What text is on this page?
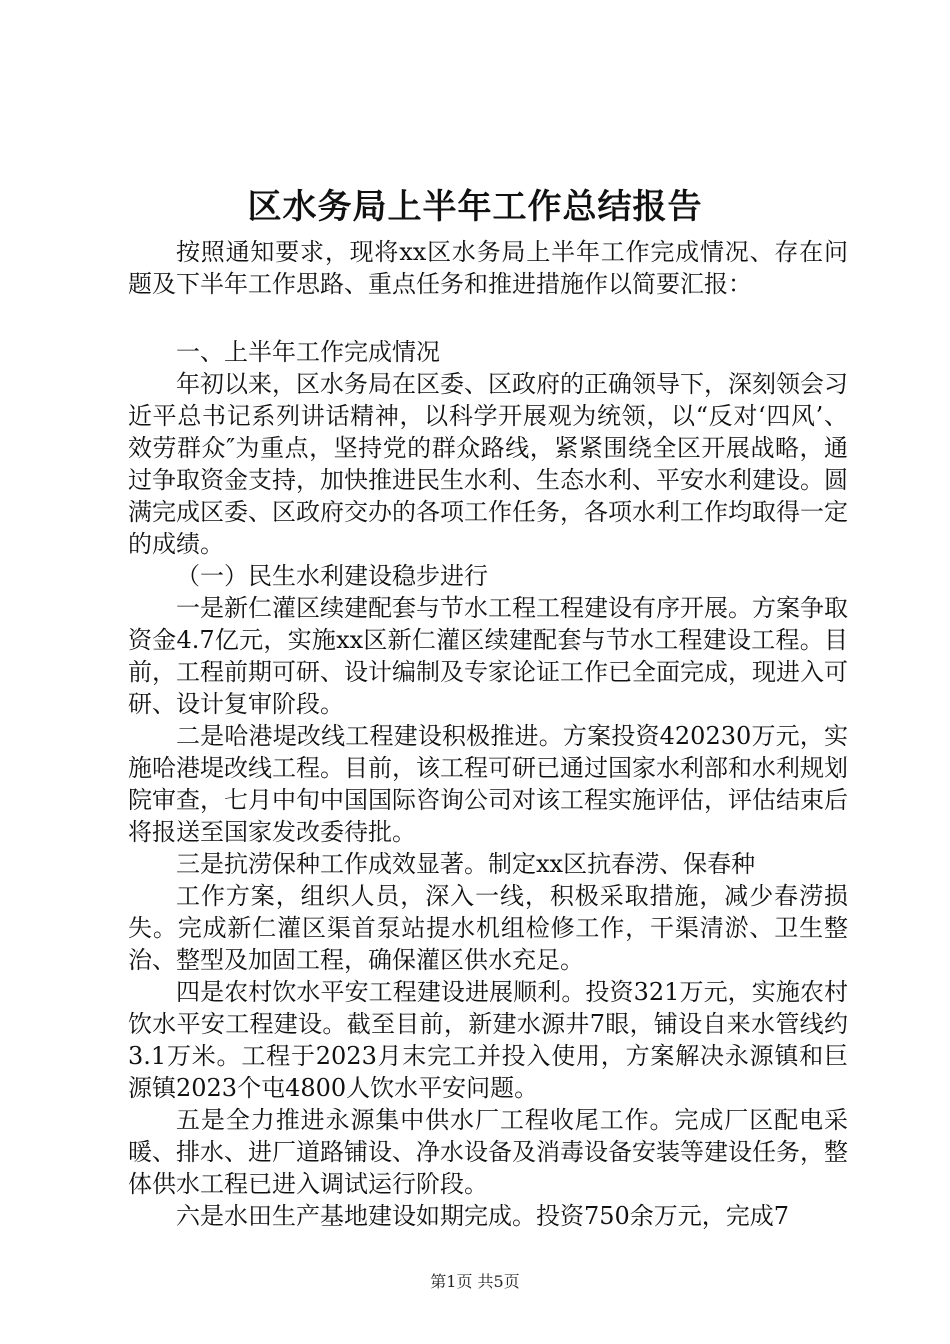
区水务局上半年工作总结报告

按照通知要求，现将xx区水务局上半年工作完成情况、存在问题及下半年工作思路、重点任务和推进措施作以简要汇报：

一、上半年工作完成情况

年初以来，区水务局在区委、区政府的正确领导下，深刻领会习近平总书记系列讲话精神，以科学开展观为统领，以“反对‘四风’、效劳群众″为重点，坚持党的群众路线，紧紧围绕全区开展战略，通过争取资金支持，加快推进民生水利、生态水利、平安水利建设。圆满完成区委、区政府交办的各项工作任务，各项水利工作均取得一定的成绩。

（一）民生水利建设稳步进行

一是新仁灌区续建配套与节水工程工程建设有序开展。方案争取资金4.7亿元，实施xx区新仁灌区续建配套与节水工程建设工程。目前，工程前期可研、设计编制及专家论证工作已全面完成，现进入可研、设计复审阶段。

二是哈港堤改线工程建设积极推进。方案投资420230万元，实施哈港堤改线工程。目前，该工程可研已通过国家水利部和水利规划院审查，七月中旬中国国际咨询公司对该工程实施评估，评估结束后将报送至国家发改委待批。

三是抗涝保种工作成效显著。制定xx区抗春涝、保春种

工作方案，组织人员，深入一线，积极采取措施，减少春涝损失。完成新仁灌区渠首泵站提水机组检修工作，干渠清淤、卫生整治、整型及加固工程，确保灌区供水充足。

四是农村饮水平安工程建设进展顺利。投资321万元，实施农村饮水平安工程建设。截至目前，新建水源井7眼，铺设自来水管线约3.1万米。工程于2023月末完工并投入使用，方案解决永源镇和巨源镇2023个屯4800人饮水平安问题。

五是全力推进永源集中供水厂工程收尾工作。完成厂区配电采暖、排水、进厂道路铺设、净水设备及消毒设备安装等建设任务，整体供水工程已进入调试运行阶段。

六是水田生产基地建设如期完成。投资750余万元，完成7

第1页 共5页
